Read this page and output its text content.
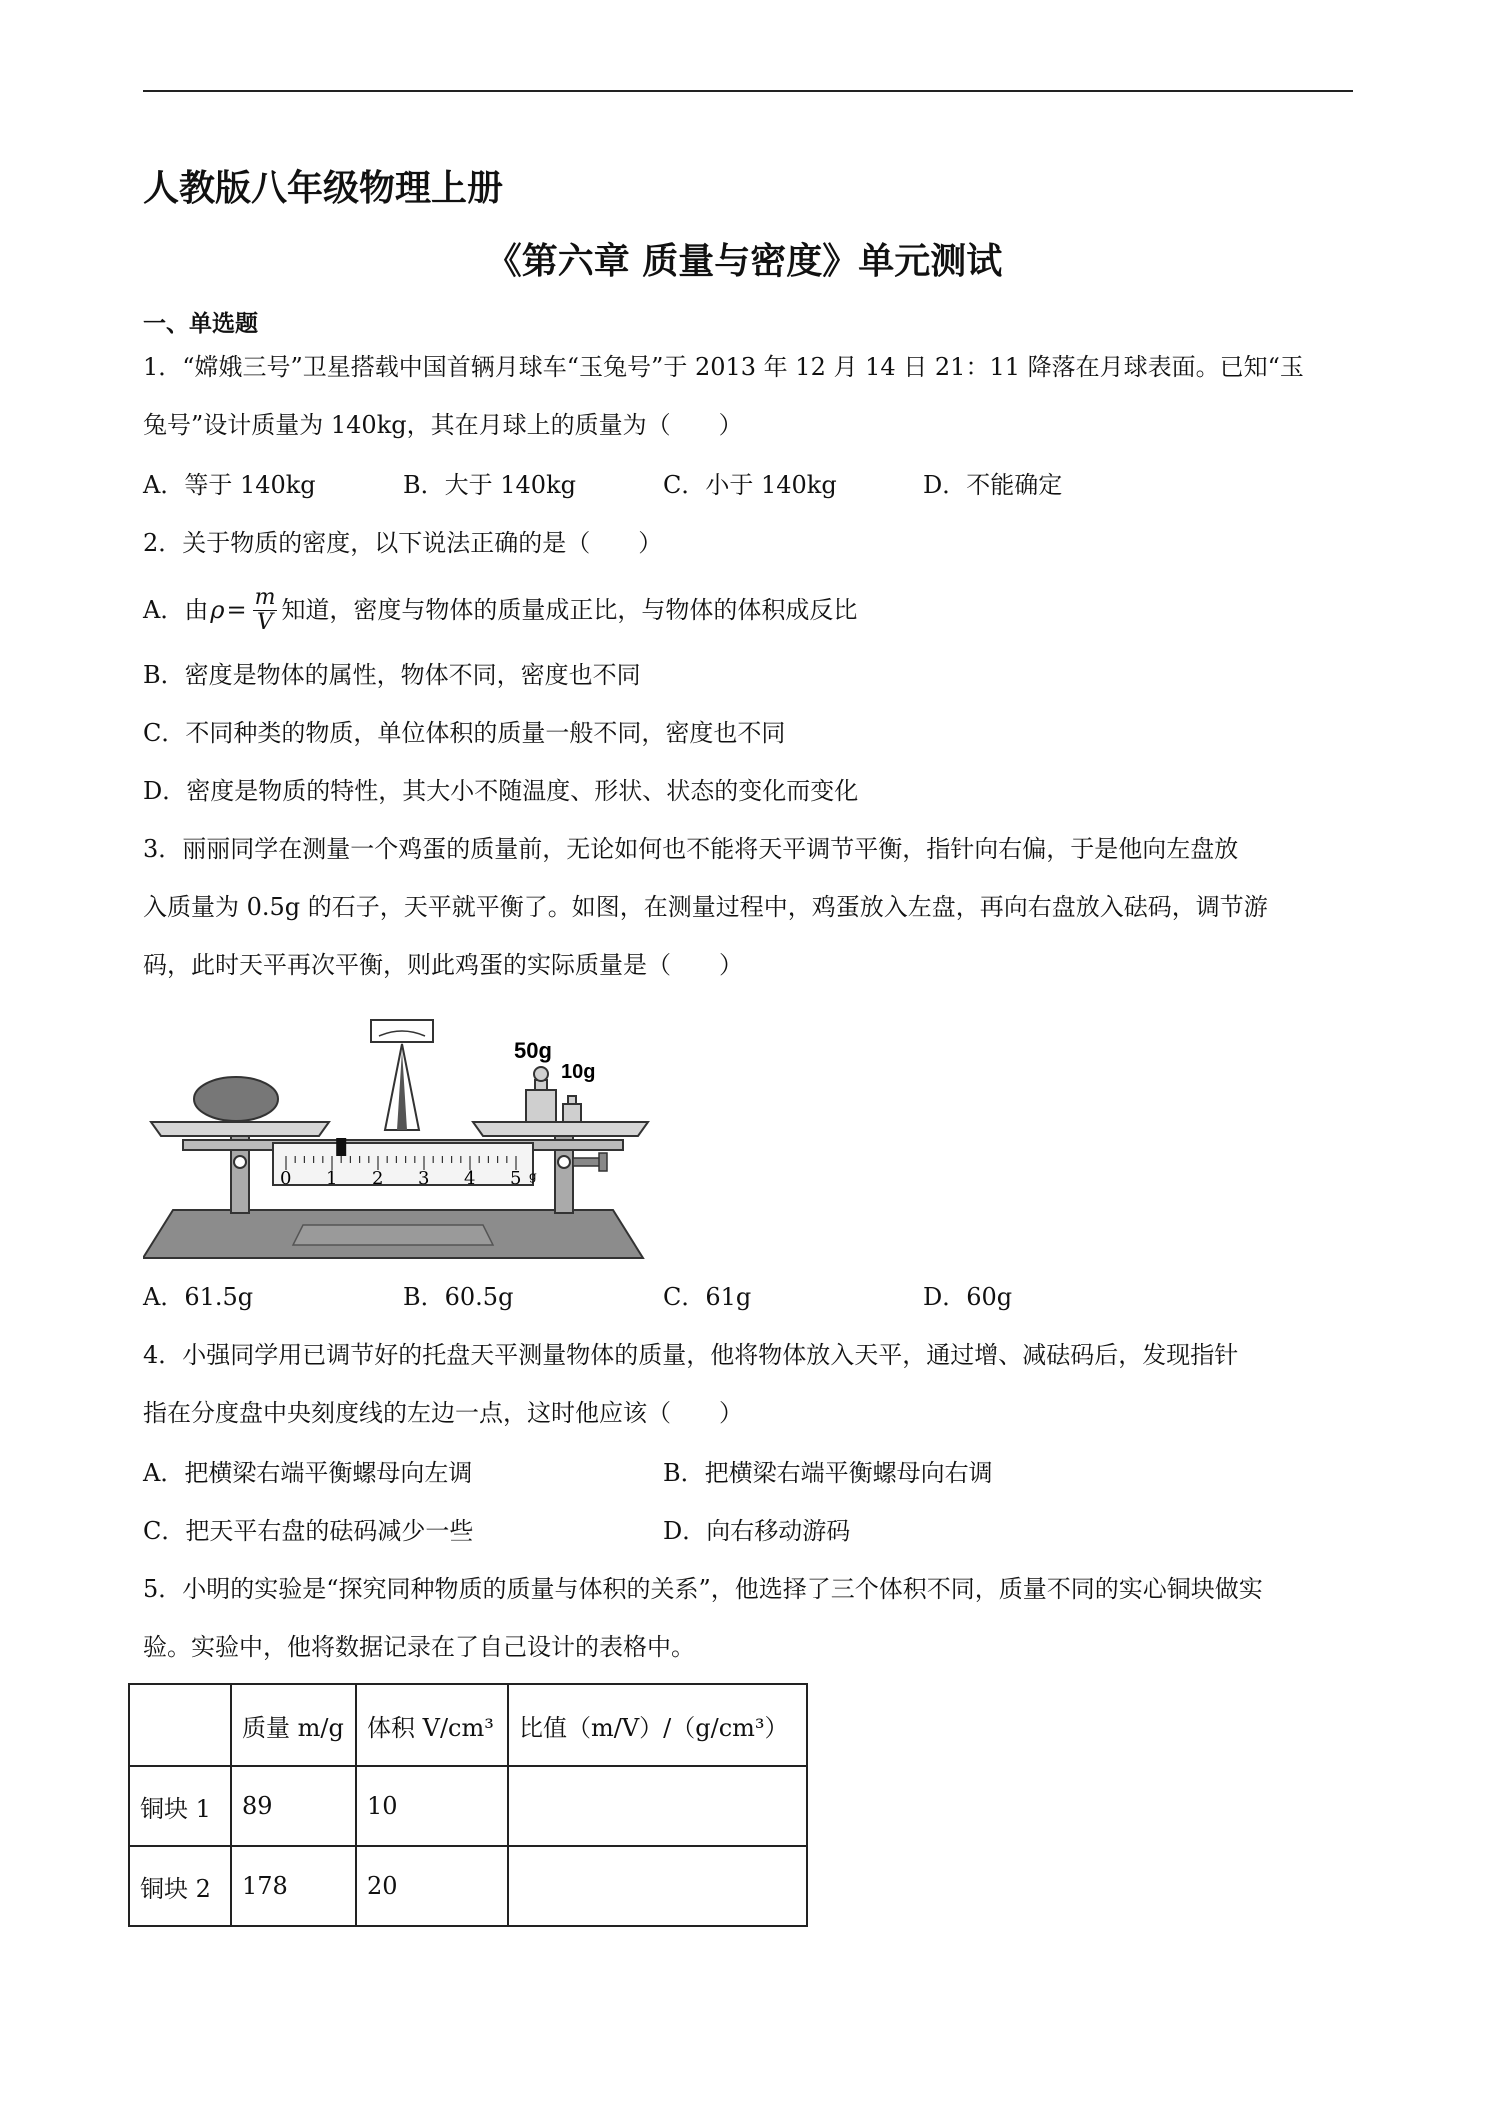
人教版八年级物理上册
《第六章 质量与密度》单元测试
一、单选题
1．“嫦娥三号”卫星搭载中国首辆月球车“玉兔号”于 2013 年 12 月 14 日 21：11 降落在月球表面。已知“玉
兔号”设计质量为 140kg，其在月球上的质量为（　　）
A．等于 140kg	B．大于 140kg	C．小于 140kg	D．不能确定
2．关于物质的密度，以下说法正确的是（　　）
A．由 $\rho = \frac{m}{V}$ 知道，密度与物体的质量成正比，与物体的体积成反比
B．密度是物体的属性，物体不同，密度也不同
C．不同种类的物质，单位体积的质量一般不同，密度也不同
D．密度是物质的特性，其大小不随温度、形状、状态的变化而变化
3．丽丽同学在测量一个鸡蛋的质量前，无论如何也不能将天平调节平衡，指针向右偏，于是他向左盘放
入质量为 0.5g 的石子，天平就平衡了。如图，在测量过程中，鸡蛋放入左盘，再向右盘放入砝码，调节游
码，此时天平再次平衡，则此鸡蛋的实际质量是（　　）
50g
10g
0 1 2 3 4 5 g
A．61.5g	B．60.5g	C．61g	D．60g
4．小强同学用已调节好的托盘天平测量物体的质量，他将物体放入天平，通过增、减砝码后，发现指针
指在分度盘中央刻度线的左边一点，这时他应该（　　）
A．把横梁右端平衡螺母向左调	B．把横梁右端平衡螺母向右调
C．把天平右盘的砝码减少一些	D．向右移动游码
5．小明的实验是“探究同种物质的质量与体积的关系”，他选择了三个体积不同，质量不同的实心铜块做实
验。实验中，他将数据记录在了自己设计的表格中。
	质量 m/g	体积 V/cm³	比值（m/V）/（g/cm³）
铜块 1	89	10	
铜块 2	178	20	
